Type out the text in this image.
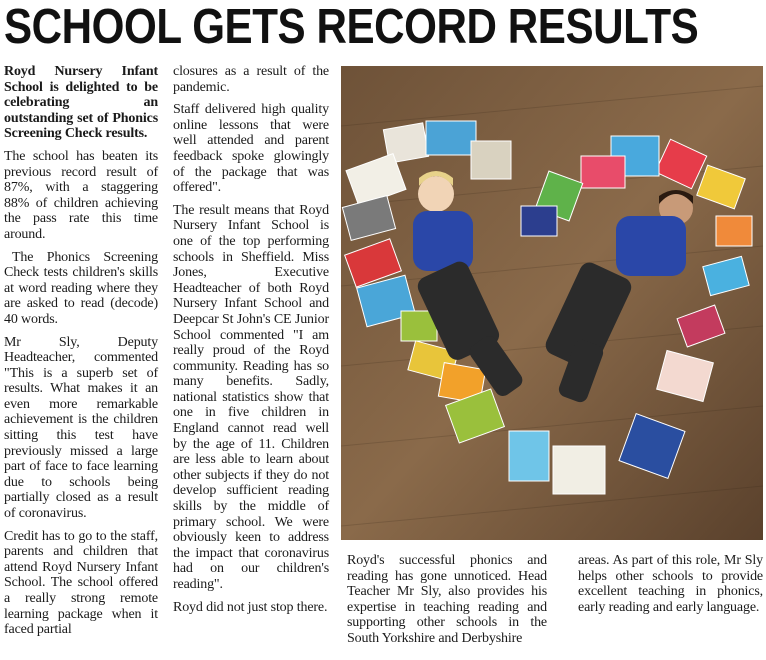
SCHOOL GETS RECORD RESULTS

Royd Nursery Infant School is delighted to be celebrating an outstanding set of Phonics Screening Check results.

The school has beaten its previous record result of 87%, with a staggering 88% of children achieving the pass rate this time around.

The Phonics Screening Check tests children's skills at word reading where they are asked to read (decode) 40 words.

Mr Sly, Deputy Headteacher, commented "This is a superb set of results. What makes it an even more remarkable achievement is the children sitting this test have previously missed a large part of face to face learning due to schools being partially closed as a result of coronavirus.

Credit has to go to the staff, parents and children that attend Royd Nursery Infant School. The school offered a really strong remote learning package when it faced partial

closures as a result of the pandemic.

Staff delivered high quality online lessons that were well attended and parent feedback spoke glowingly of the package that was offered".

The result means that Royd Nursery Infant School is one of the top performing schools in Sheffield. Miss Jones, Executive Headteacher of both Royd Nursery Infant School and Deepcar St John's CE Junior School commented "I am really proud of the Royd community. Reading has so many benefits. Sadly, national statistics show that one in five children in England cannot read well by the age of 11. Children are less able to learn about other subjects if they do not develop sufficient reading skills by the middle of primary school. We were obviously keen to address the impact that coronavirus had on our children's reading".

Royd did not just stop there.

Royd's successful phonics and reading has gone unnoticed. Head Teacher Mr Sly, also provides his expertise in teaching reading and supporting other schools in the South Yorkshire and Derbyshire

areas. As part of this role, Mr Sly helps other schools to provide excellent teaching in phonics, early reading and early language.
